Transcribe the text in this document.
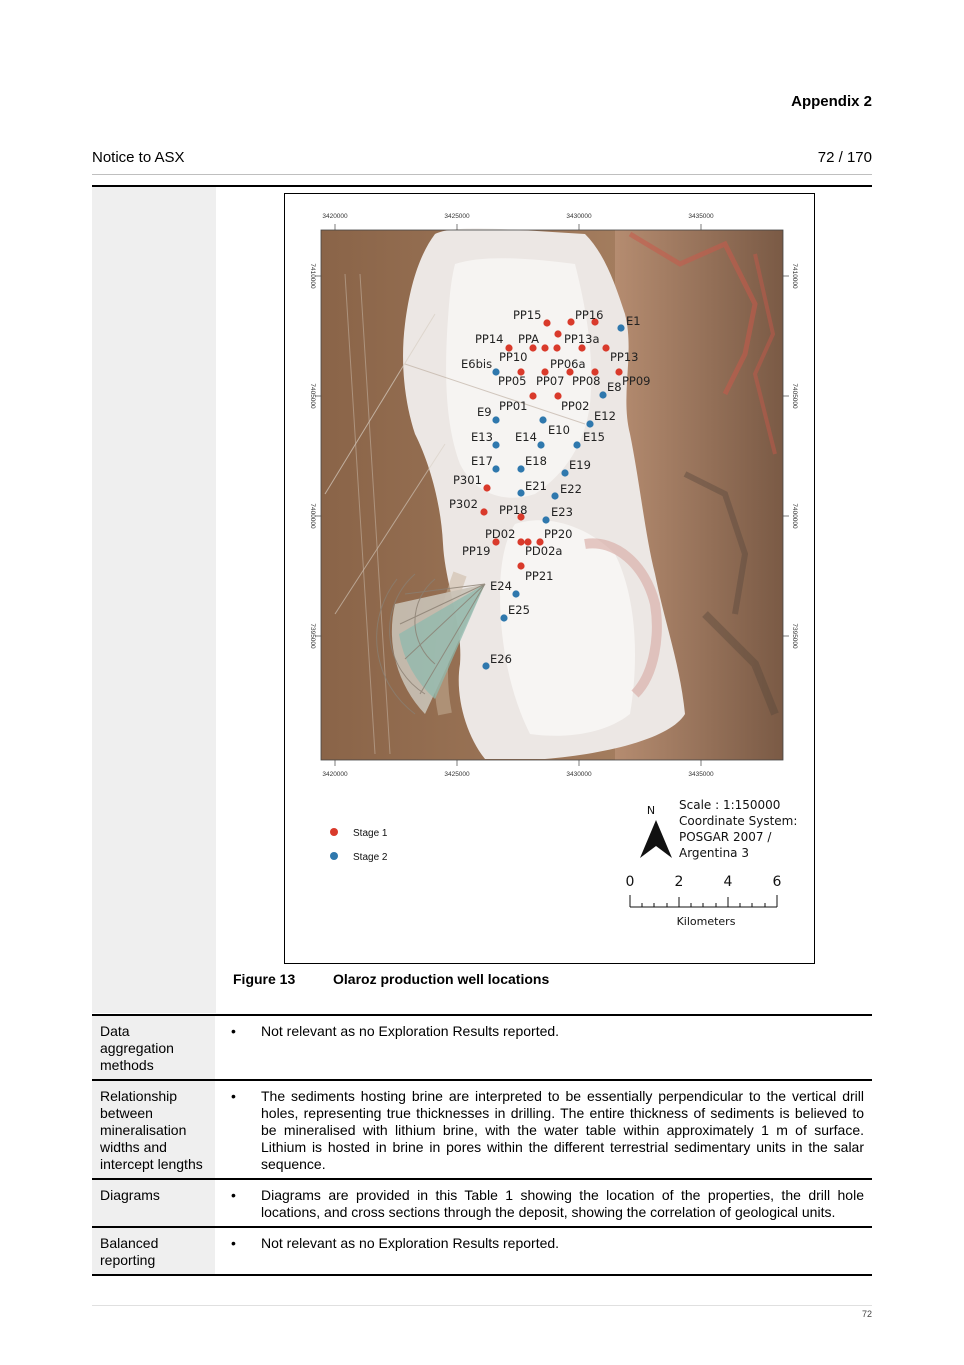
Appendix 2
Notice to ASX	72 / 170
3420000	3425000	3430000	3435000
3420000	3425000	3430000	3435000
7410000
7405000
7400000
7395000
7410000
7405000
7400000
7395000
PP15	PP16 E1
PP14 PPA PP13a
E6bis PP10 PP06a PP13
PP05 PP07 PP08 E8 PP09
E9 PP01	PP02
E12
E13 E14 E10 E15
E17	E18 E19
P301	E21 E22
P302 PP18 E23
PD02 PP20
PP19	PD02a
PP21
E24
E25
E26
Stage 1
Stage 2
N Scale : 1:150000
Coordinate System:
POSGAR 2007 /
Argentina 3
0	2	4	6
Kilometers
Figure 13	Olaroz production well locations
Data aggregation methods	• Not relevant as no Exploration Results reported.

Relationship between mineralisation widths and intercept lengths	• The sediments hosting brine are interpreted to be essentially perpendicular to the vertical drill holes, representing true thicknesses in drilling. The entire thickness of sediments is believed to be mineralised with lithium brine, with the water table within approximately 1 m of surface. Lithium is hosted in brine in pores within the different terrestrial sedimentary units in the salar sequence.

Diagrams	• Diagrams are provided in this Table 1 showing the location of the properties, the drill hole locations, and cross sections through the deposit, showing the correlation of geological units.

Balanced reporting	• Not relevant as no Exploration Results reported.
72
